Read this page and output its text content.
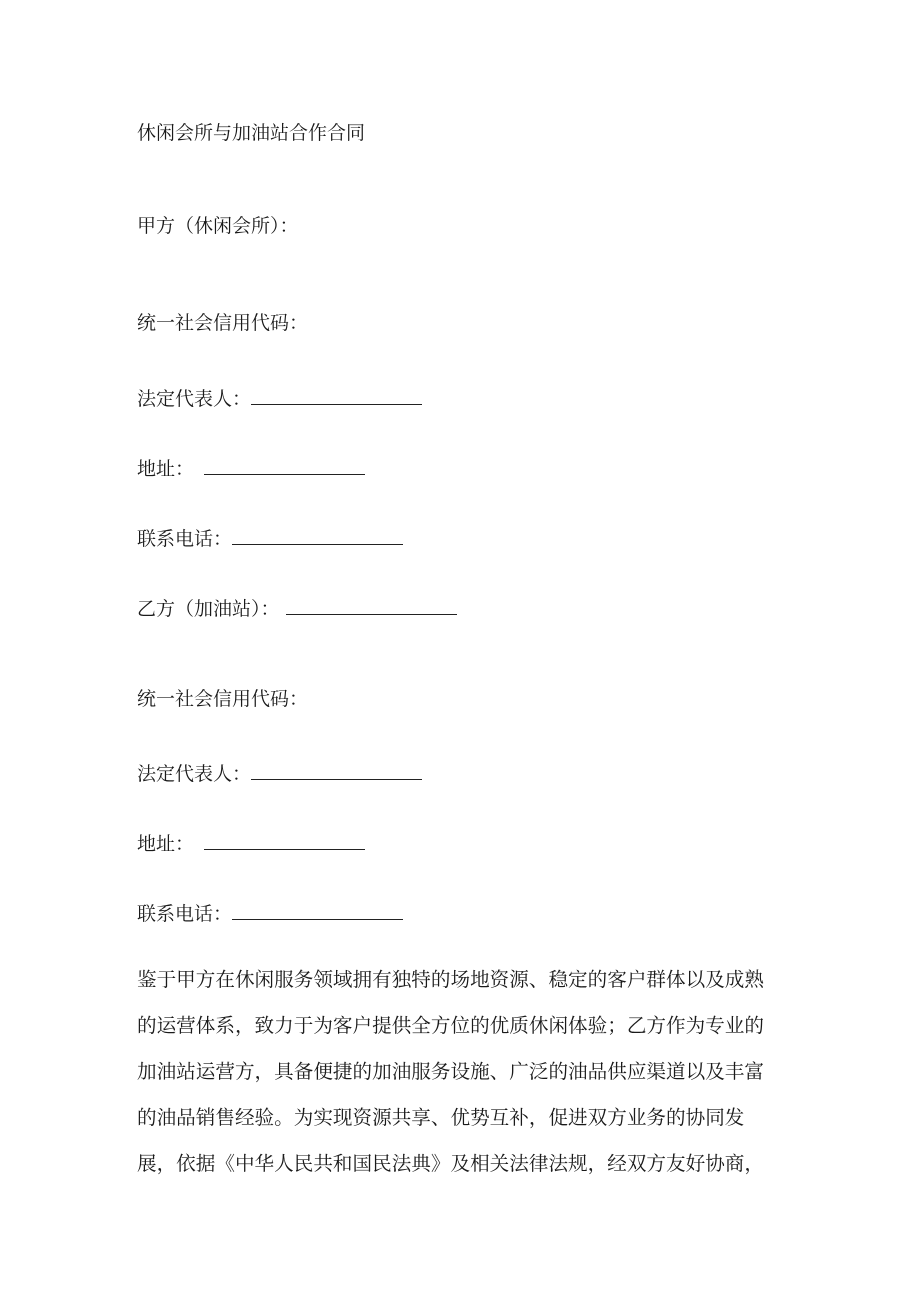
休闲会所与加油站合作合同
甲方（休闲会所）：
统一社会信用代码：
法定代表人：
地址：
联系电话：
乙方（加油站）：
统一社会信用代码：
法定代表人：
地址：
联系电话：
鉴于甲方在休闲服务领域拥有独特的场地资源、稳定的客户群体以及成熟
的运营体系，致力于为客户提供全方位的优质休闲体验；乙方作为专业的
加油站运营方，具备便捷的加油服务设施、广泛的油品供应渠道以及丰富
的油品销售经验。为实现资源共享、优势互补，促进双方业务的协同发
展，依据《中华人民共和国民法典》及相关法律法规，经双方友好协商，
